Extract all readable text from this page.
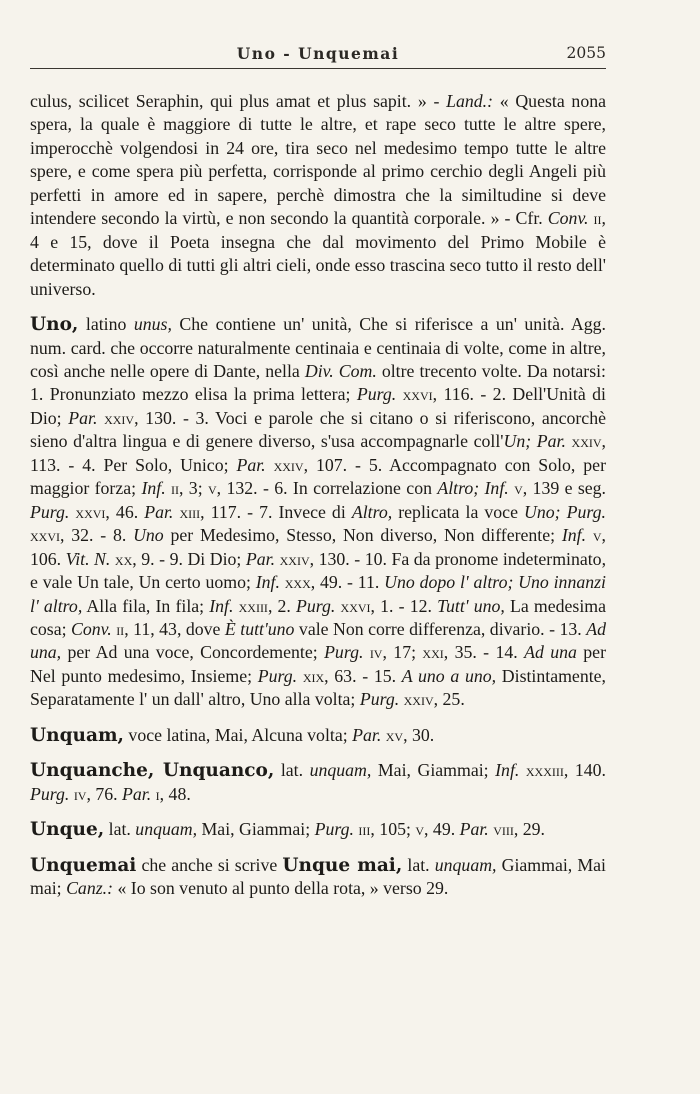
Uno - Unquemai	2055

culus, scilicet Seraphin, qui plus amat et plus sapit. » - Land.: « Questa nona spera, la quale è maggiore di tutte le altre, et rape seco tutte le altre spere, imperocchè volgendosi in 24 ore, tira seco nel medesimo tempo tutte le altre spere, e come spera più perfetta, corrisponde al primo cerchio degli Angeli più perfetti in amore ed in sapere, perchè dimostra che la similtudine si deve intendere secondo la virtù, e non secondo la quantità corporale. » - Cfr. Conv. ii, 4 e 15, dove il Poeta insegna che dal movimento del Primo Mobile è determinato quello di tutti gli altri cieli, onde esso trascina seco tutto il resto dell' universo.

Uno, latino unus, Che contiene un' unità, Che si riferisce a un' unità. Agg. num. card. che occorre naturalmente centinaia e centinaia di volte, come in altre, così anche nelle opere di Dante, nella Div. Com. oltre trecento volte. Da notarsi: 1. Pronunziato mezzo elisa la prima lettera; Purg. xxvi, 116. - 2. Dell'Unità di Dio; Par. xxiv, 130. - 3. Voci e parole che si citano o si riferiscono, ancorchè sieno d'altra lingua e di genere diverso, s'usa accompagnarle coll'Un; Par. xxiv, 113. - 4. Per Solo, Unico; Par. xxiv, 107. - 5. Accompagnato con Solo, per maggior forza; Inf. ii, 3; v, 132. - 6. In correlazione con Altro; Inf. v, 139 e seg. Purg. xxvi, 46. Par. xiii, 117. - 7. Invece di Altro, replicata la voce Uno; Purg. xxvi, 32. - 8. Uno per Medesimo, Stesso, Non diverso, Non differente; Inf. v, 106. Vit. N. xx, 9. - 9. Di Dio; Par. xxiv, 130. - 10. Fa da pronome indeterminato, e vale Un tale, Un certo uomo; Inf. xxx, 49. - 11. Uno dopo l' altro; Uno innanzi l' altro, Alla fila, In fila; Inf. xxiii, 2. Purg. xxvi, 1. - 12. Tutt' uno, La medesima cosa; Conv. ii, 11, 43, dove È tutt'uno vale Non corre differenza, divario. - 13. Ad una, per Ad una voce, Concordemente; Purg. iv, 17; xxi, 35. - 14. Ad una per Nel punto medesimo, Insieme; Purg. xix, 63. - 15. A uno a uno, Distintamente, Separatamente l' un dall' altro, Uno alla volta; Purg. xxiv, 25.

Unquam, voce latina, Mai, Alcuna volta; Par. xv, 30.

Unquanche, Unquanco, lat. unquam, Mai, Giammai; Inf. xxxiii, 140. Purg. iv, 76. Par. i, 48.

Unque, lat. unquam, Mai, Giammai; Purg. iii, 105; v, 49. Par. viii, 29.

Unquemai che anche si scrive Unque mai, lat. unquam, Giammai, Mai mai; Canz.: « Io son venuto al punto della rota, » verso 29.
